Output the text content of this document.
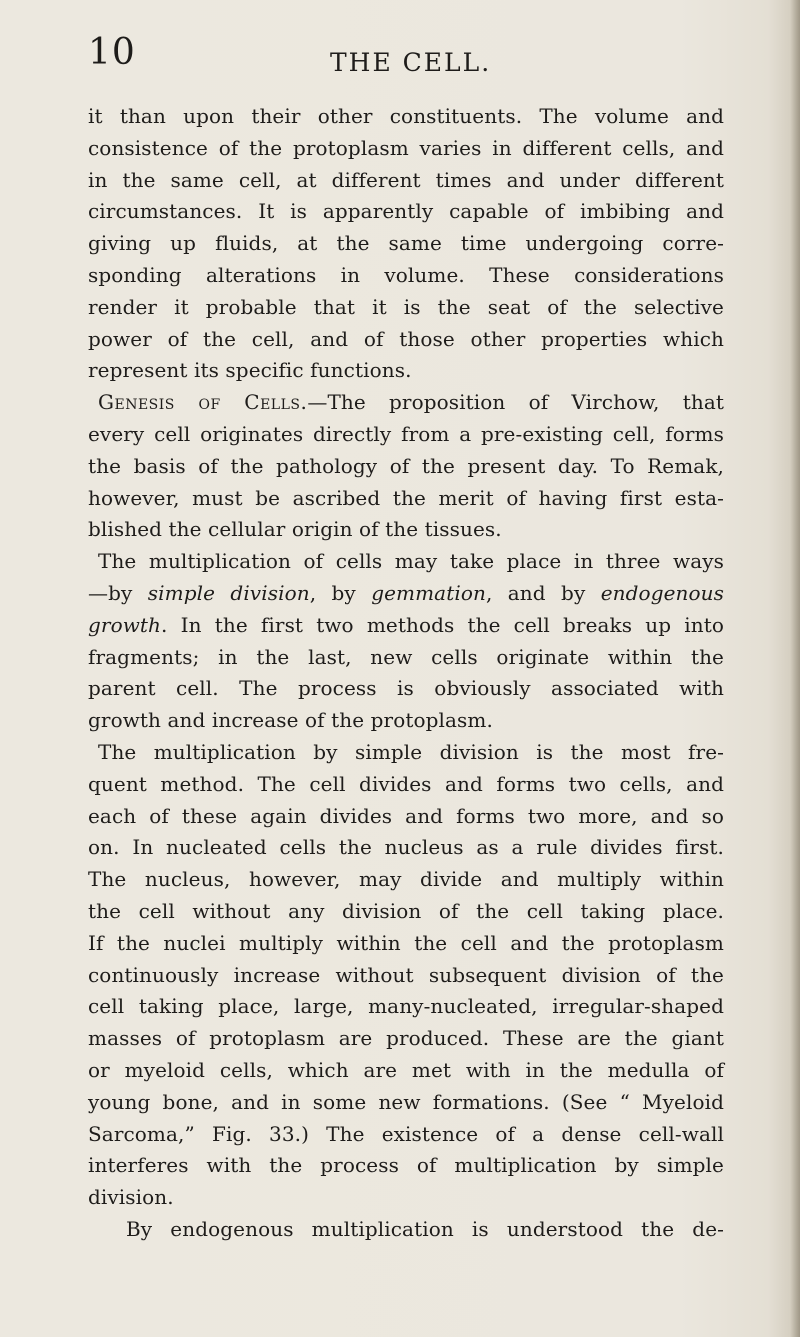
10	THE CELL.
it than upon their other constituents. The volume and
consistence of the protoplasm varies in different cells, and
in the same cell, at different times and under different
circumstances. It is apparently capable of imbibing and
giving up fluids, at the same time undergoing corre-
sponding alterations in volume. These considerations
render it probable that it is the seat of the selective
power of the cell, and of those other properties which
represent its specific functions.
Genesis of Cells.—The proposition of Virchow, that
every cell originates directly from a pre-existing cell, forms
the basis of the pathology of the present day. To Remak,
however, must be ascribed the merit of having first esta-
blished the cellular origin of the tissues.
The multiplication of cells may take place in three ways
—by simple division, by gemmation, and by endogenous
growth. In the first two methods the cell breaks up into
fragments; in the last, new cells originate within the
parent cell. The process is obviously associated with
growth and increase of the protoplasm.
The multiplication by simple division is the most fre-
quent method. The cell divides and forms two cells, and
each of these again divides and forms two more, and so
on. In nucleated cells the nucleus as a rule divides first.
The nucleus, however, may divide and multiply within
the cell without any division of the cell taking place.
If the nuclei multiply within the cell and the protoplasm
continuously increase without subsequent division of the
cell taking place, large, many-nucleated, irregular-shaped
masses of protoplasm are produced. These are the giant
or myeloid cells, which are met with in the medulla of
young bone, and in some new formations. (See “ Myeloid
Sarcoma,” Fig. 33.) The existence of a dense cell-wall
interferes with the process of multiplication by simple
division.
By endogenous multiplication is understood the de-
